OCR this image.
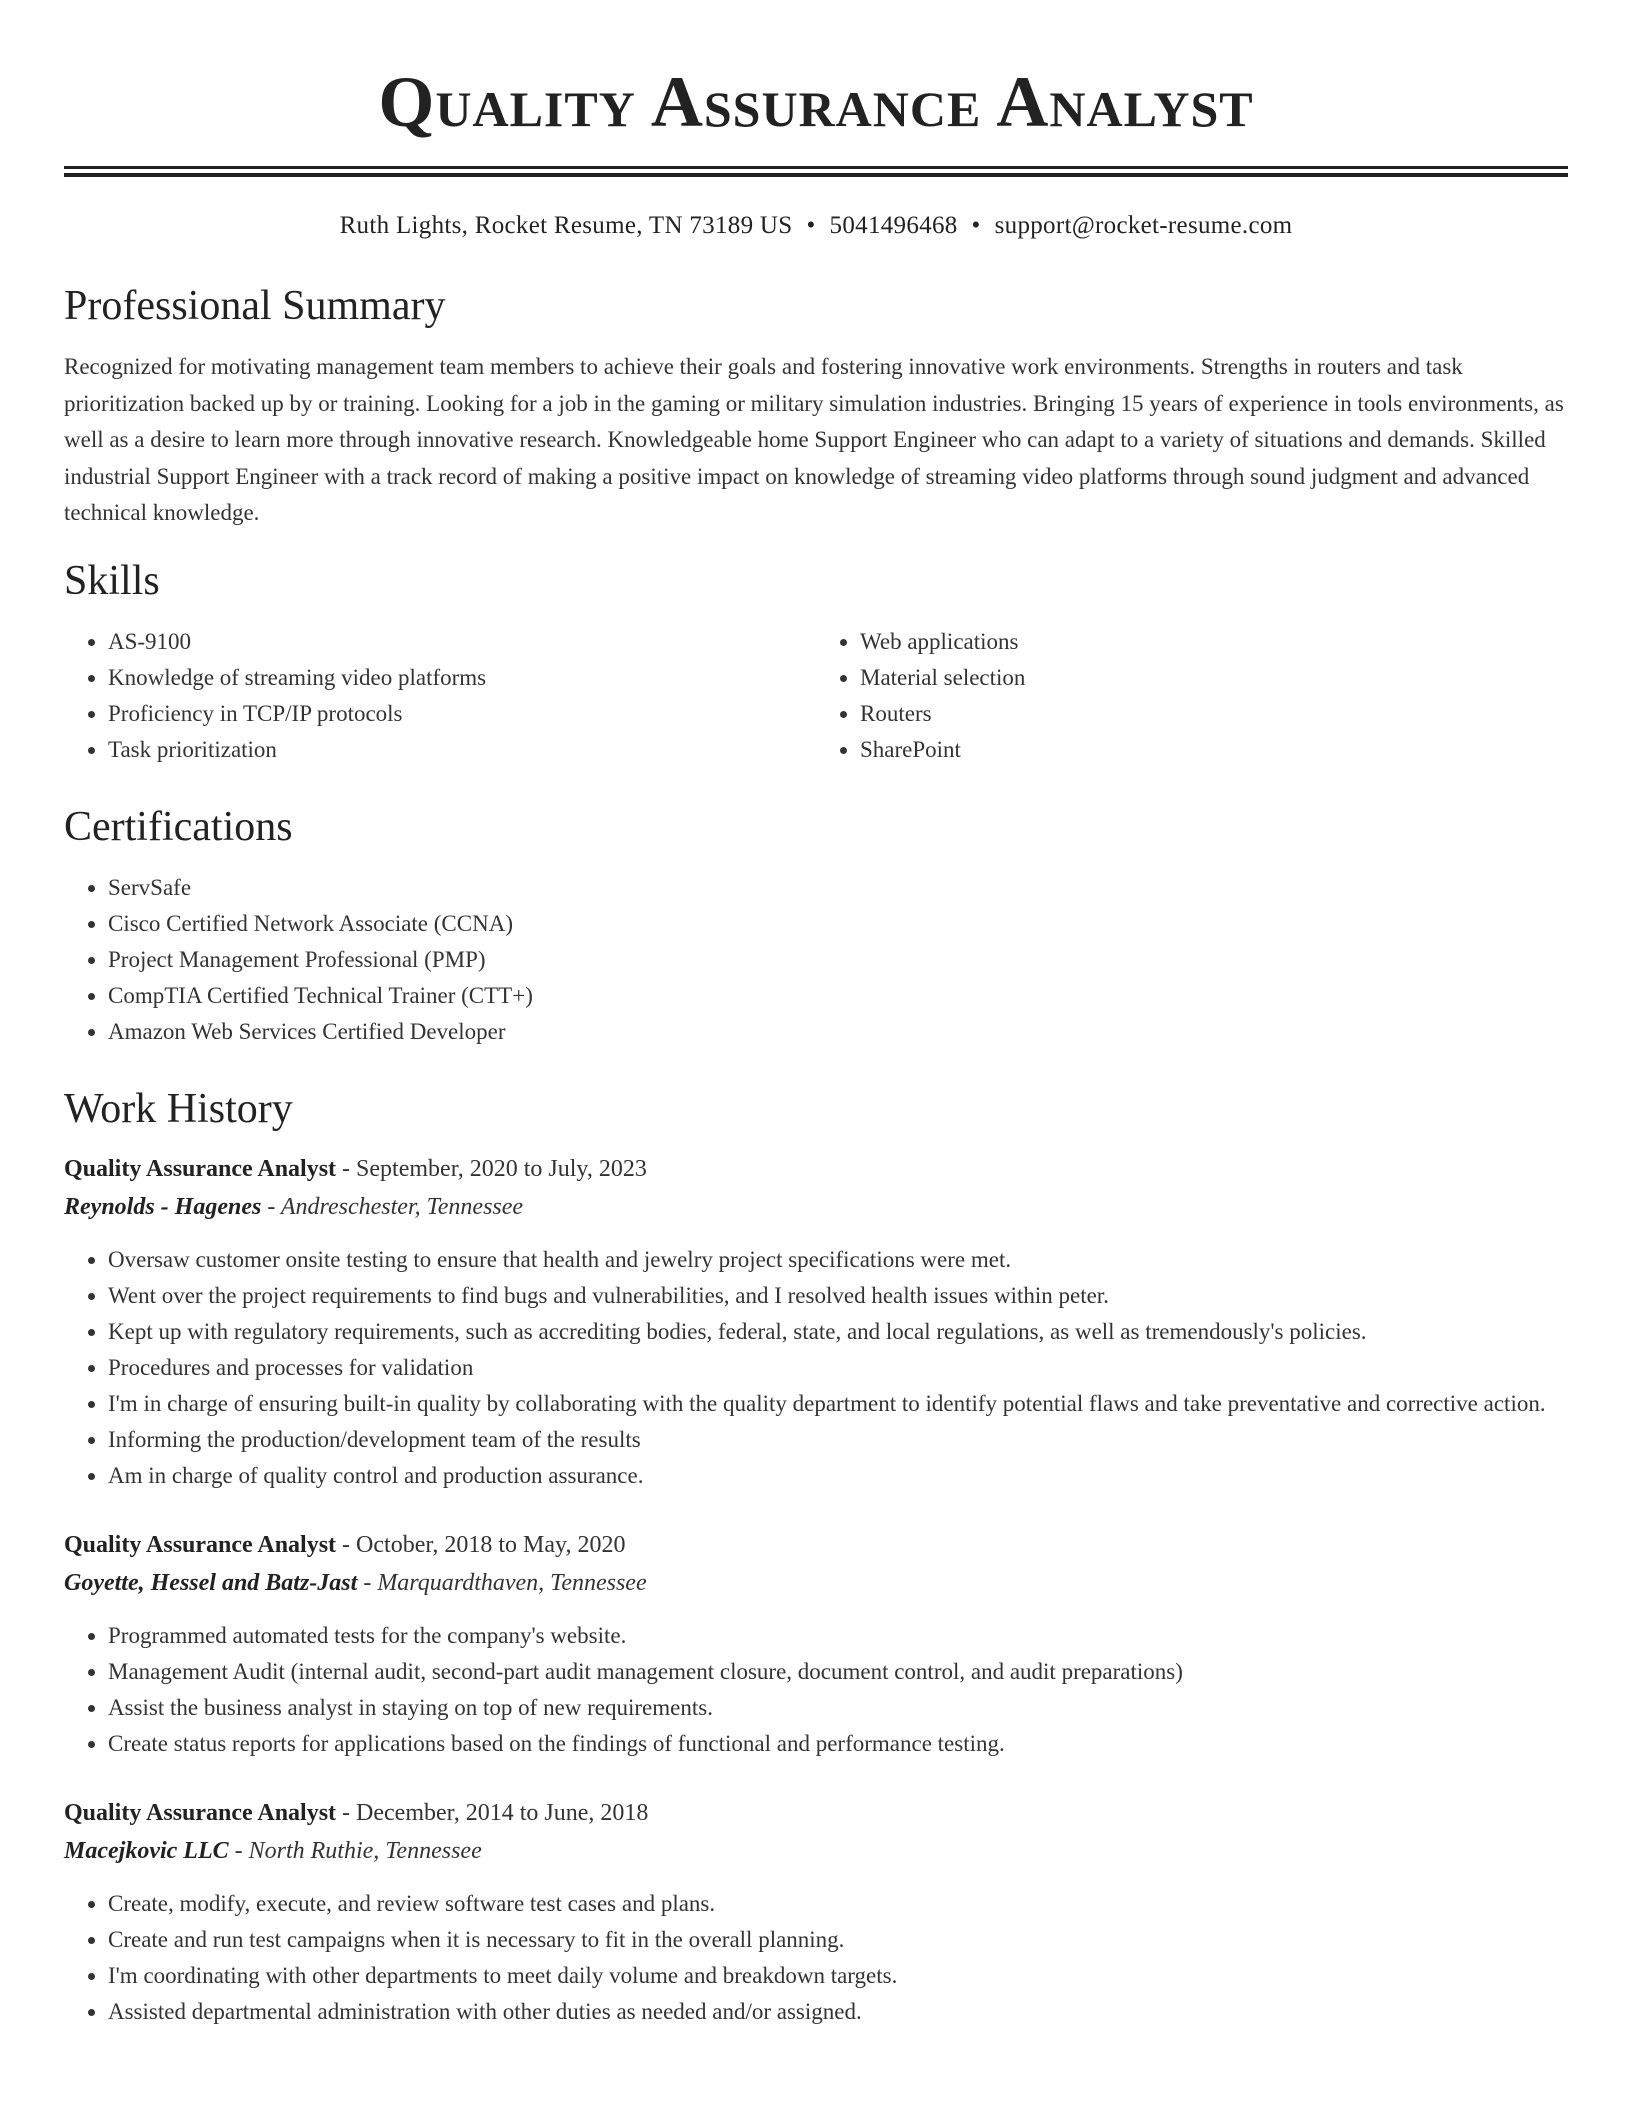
Quality Assurance Analyst
Ruth Lights, Rocket Resume, TN 73189 US • 5041496468 • support@rocket-resume.com
Professional Summary
Recognized for motivating management team members to achieve their goals and fostering innovative work environments. Strengths in routers and task prioritization backed up by or training. Looking for a job in the gaming or military simulation industries. Bringing 15 years of experience in tools environments, as well as a desire to learn more through innovative research. Knowledgeable home Support Engineer who can adapt to a variety of situations and demands. Skilled industrial Support Engineer with a track record of making a positive impact on knowledge of streaming video platforms through sound judgment and advanced technical knowledge.
Skills
• AS-9100
• Knowledge of streaming video platforms
• Proficiency in TCP/IP protocols
• Task prioritization
• Web applications
• Material selection
• Routers
• SharePoint
Certifications
• ServSafe
• Cisco Certified Network Associate (CCNA)
• Project Management Professional (PMP)
• CompTIA Certified Technical Trainer (CTT+)
• Amazon Web Services Certified Developer
Work History
Quality Assurance Analyst - September, 2020 to July, 2023
Reynolds - Hagenes - Andreschester, Tennessee
• Oversaw customer onsite testing to ensure that health and jewelry project specifications were met.
• Went over the project requirements to find bugs and vulnerabilities, and I resolved health issues within peter.
• Kept up with regulatory requirements, such as accrediting bodies, federal, state, and local regulations, as well as tremendously's policies.
• Procedures and processes for validation
• I'm in charge of ensuring built-in quality by collaborating with the quality department to identify potential flaws and take preventative and corrective action.
• Informing the production/development team of the results
• Am in charge of quality control and production assurance.
Quality Assurance Analyst - October, 2018 to May, 2020
Goyette, Hessel and Batz-Jast - Marquardthaven, Tennessee
• Programmed automated tests for the company's website.
• Management Audit (internal audit, second-part audit management closure, document control, and audit preparations)
• Assist the business analyst in staying on top of new requirements.
• Create status reports for applications based on the findings of functional and performance testing.
Quality Assurance Analyst - December, 2014 to June, 2018
Macejkovic LLC - North Ruthie, Tennessee
• Create, modify, execute, and review software test cases and plans.
• Create and run test campaigns when it is necessary to fit in the overall planning.
• I'm coordinating with other departments to meet daily volume and breakdown targets.
• Assisted departmental administration with other duties as needed and/or assigned.
